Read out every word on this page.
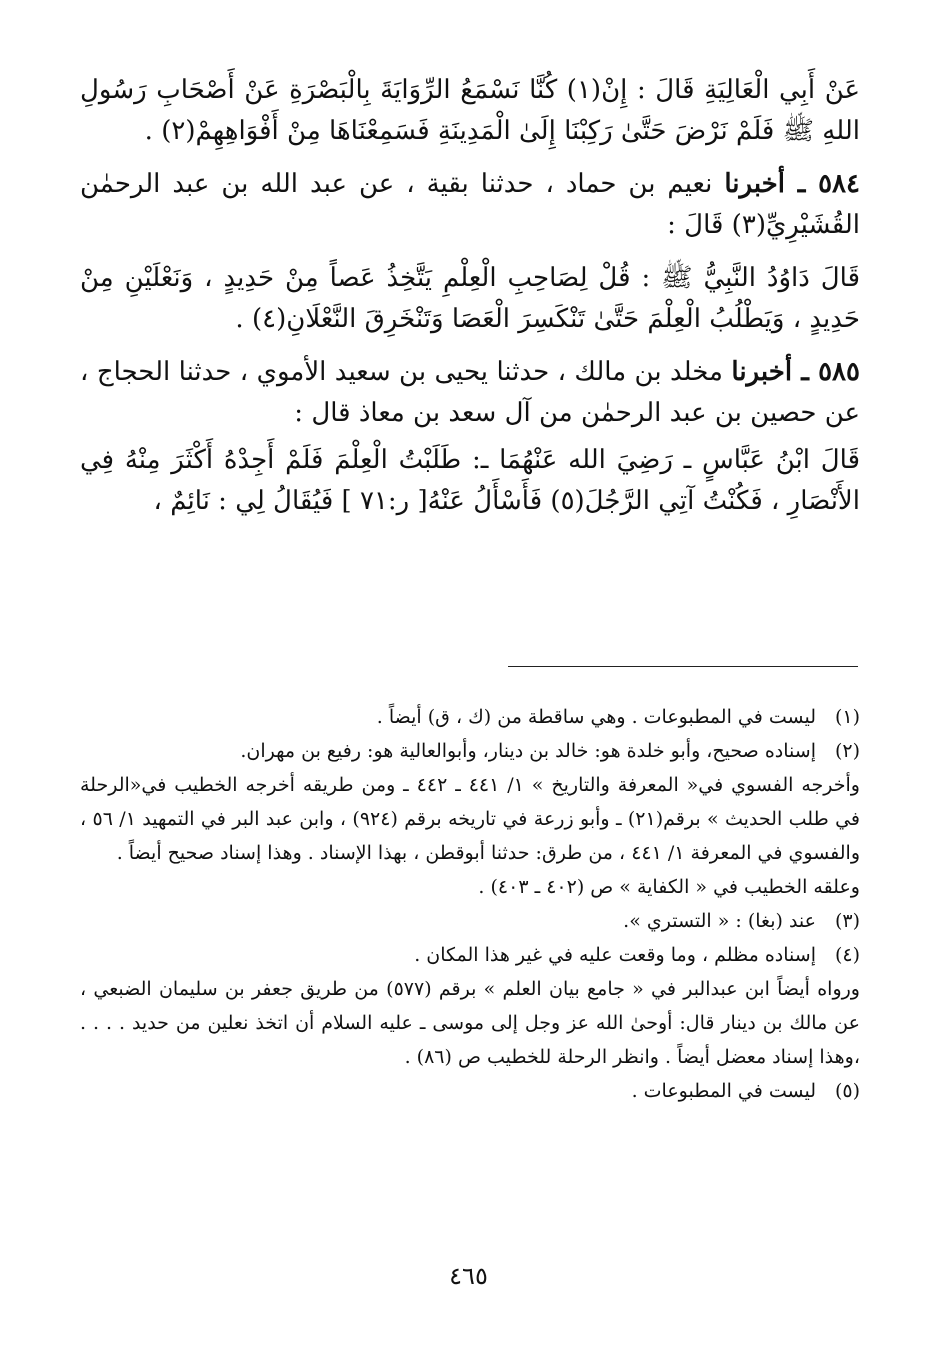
عَنْ أَبِي الْعَالِيَةِ قَالَ : إِنْ(١) كُنَّا نَسْمَعُ الرِّوَايَةَ بِالْبَصْرَةِ عَنْ أَصْحَابِ رَسُولِ اللهِ ﷺ فَلَمْ نَرْضَ حَتَّىٰ رَكِبْنَا إِلَىٰ الْمَدِينَةِ فَسَمِعْنَاهَا مِنْ أَفْوَاهِهِمْ(٢) .

٥٨٤ ـ أخبرنا نعيم بن حماد ، حدثنا بقية ، عن عبد الله بن عبد الرحمٰن القُشَيْرِيِّ(٣) قَالَ :

قَالَ دَاوُدُ النَّبِيُّ ﷺ : قُلْ لِصَاحِبِ الْعِلْمِ يَتَّخِذُ عَصاً مِنْ حَدِيدٍ ، وَنَعْلَيْنِ مِنْ حَدِيدٍ ، وَيَطْلُبُ الْعِلْمَ حَتَّىٰ تَنْكَسِرَ الْعَصَا وَتَنْخَرِقَ النَّعْلَانِ(٤) .

٥٨٥ ـ أخبرنا مخلد بن مالك ، حدثنا يحيى بن سعيد الأموي ، حدثنا الحجاج ، عن حصين بن عبد الرحمٰن من آل سعد بن معاذ قال :

قَالَ ابْنُ عَبَّاسٍ ـ رَضِيَ الله عَنْهُمَا ـ: طَلَبْتُ الْعِلْمَ فَلَمْ أَجِدْهُ أَكْثَرَ مِنْهُ فِي الأَنْصَارِ ، فَكُنْتُ آتِي الرَّجُلَ(٥) فَأَسْأَلُ عَنْهُ[ ر:٧١ ] فَيُقَالُ لِي : نَائِمٌ ،

(١)
ليست في المطبوعات . وهي ساقطة من (ك ، ق) أيضاً .
(٢)
إسناده صحيح، وأبو خلدة هو: خالد بن دينار، وأبوالعالية هو: رفيع بن مهران.

وأخرجه الفسوي في« المعرفة والتاريخ » ١/ ٤٤١ ـ ٤٤٢ ـ ومن طريقه أخرجه الخطيب في«الرحلة في طلب الحديث » برقم(٢١) ـ وأبو زرعة في تاريخه برقم (٩٢٤) ، وابن عبد البر في التمهيد ١/ ٥٦ ، والفسوي في المعرفة ١/ ٤٤١ ، من طرق: حدثنا أبوقطن ، بهذا الإسناد . وهذا إسناد صحيح أيضاً .

وعلقه الخطيب في « الكفاية » ص (٤٠٢ ـ ٤٠٣) .

(٣)
عند (بغا) : « التستري ».
(٤)
إسناده مظلم ، وما وقعت عليه في غير هذا المكان .

ورواه أيضاً ابن عبدالبر في « جامع بيان العلم » برقم (٥٧٧) من طريق جعفر بن سليمان الضبعي ، عن مالك بن دينار قال: أوحىٰ الله عز وجل إلى موسى ـ عليه السلام أن اتخذ نعلين من حديد . . . . ،وهذا إسناد معضل أيضاً . وانظر الرحلة للخطيب ص (٨٦) .

(٥)
ليست في المطبوعات .
٤٦٥
